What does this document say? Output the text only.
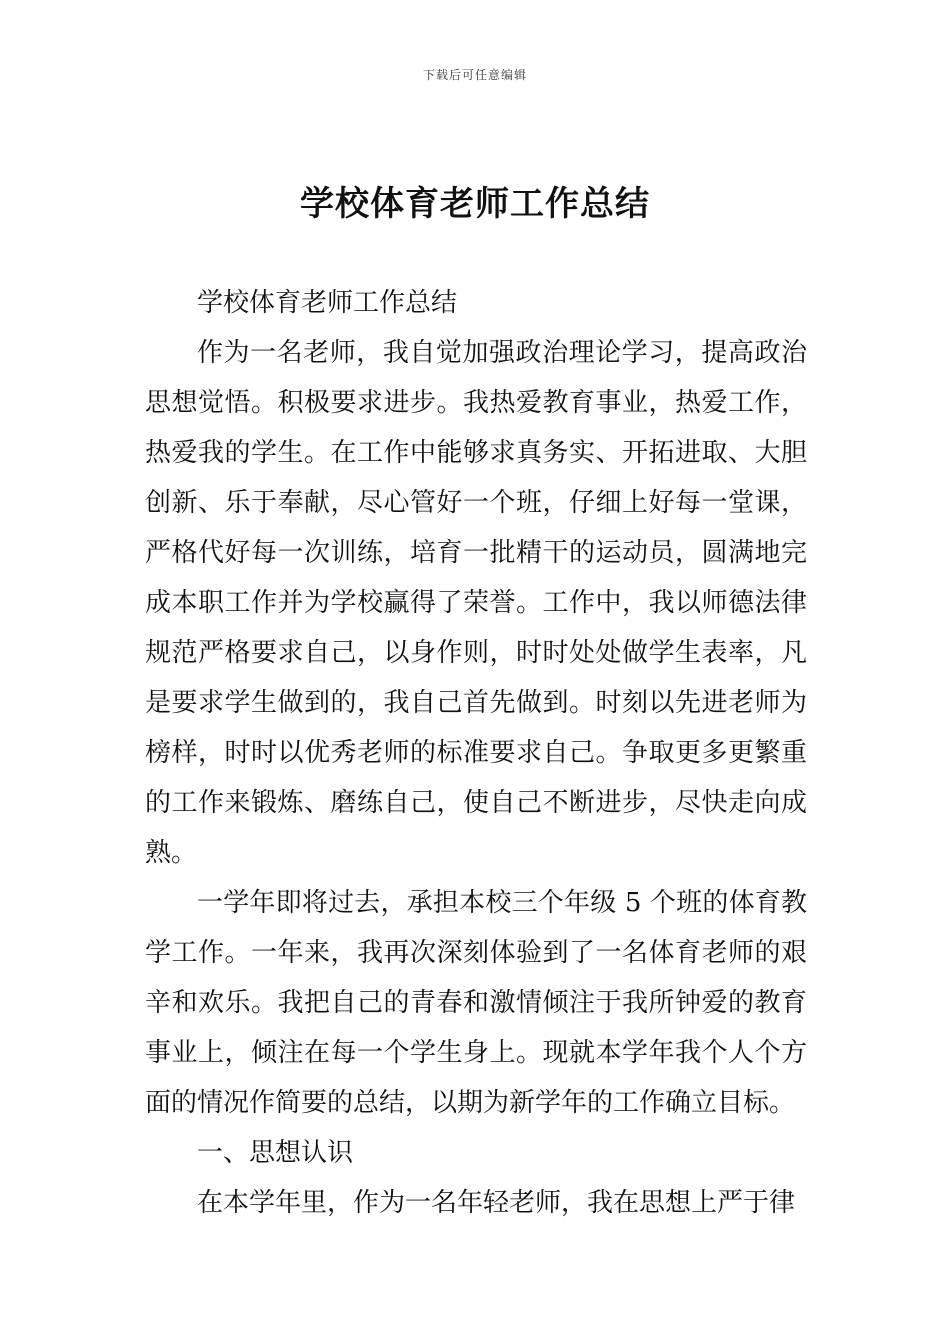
下载后可任意编辑
学校体育老师工作总结

学校体育老师工作总结

作为一名老师，我自觉加强政治理论学习，提高政治思想觉悟。积极要求进步。我热爱教育事业，热爱工作，热爱我的学生。在工作中能够求真务实、开拓进取、大胆创新、乐于奉献，尽心管好一个班，仔细上好每一堂课，严格代好每一次训练，培育一批精干的运动员，圆满地完成本职工作并为学校赢得了荣誉。工作中，我以师德法律规范严格要求自己，以身作则，时时处处做学生表率，凡是要求学生做到的，我自己首先做到。时刻以先进老师为榜样，时时以优秀老师的标准要求自己。争取更多更繁重的工作来锻炼、磨练自己，使自己不断进步，尽快走向成熟。

一学年即将过去，承担本校三个年级 5 个班的体育教学工作。一年来，我再次深刻体验到了一名体育老师的艰辛和欢乐。我把自己的青春和激情倾注于我所钟爱的教育事业上，倾注在每一个学生身上。现就本学年我个人个方面的情况作简要的总结，以期为新学年的工作确立目标。

一、思想认识

在本学年里，作为一名年轻老师，我在思想上严于律
